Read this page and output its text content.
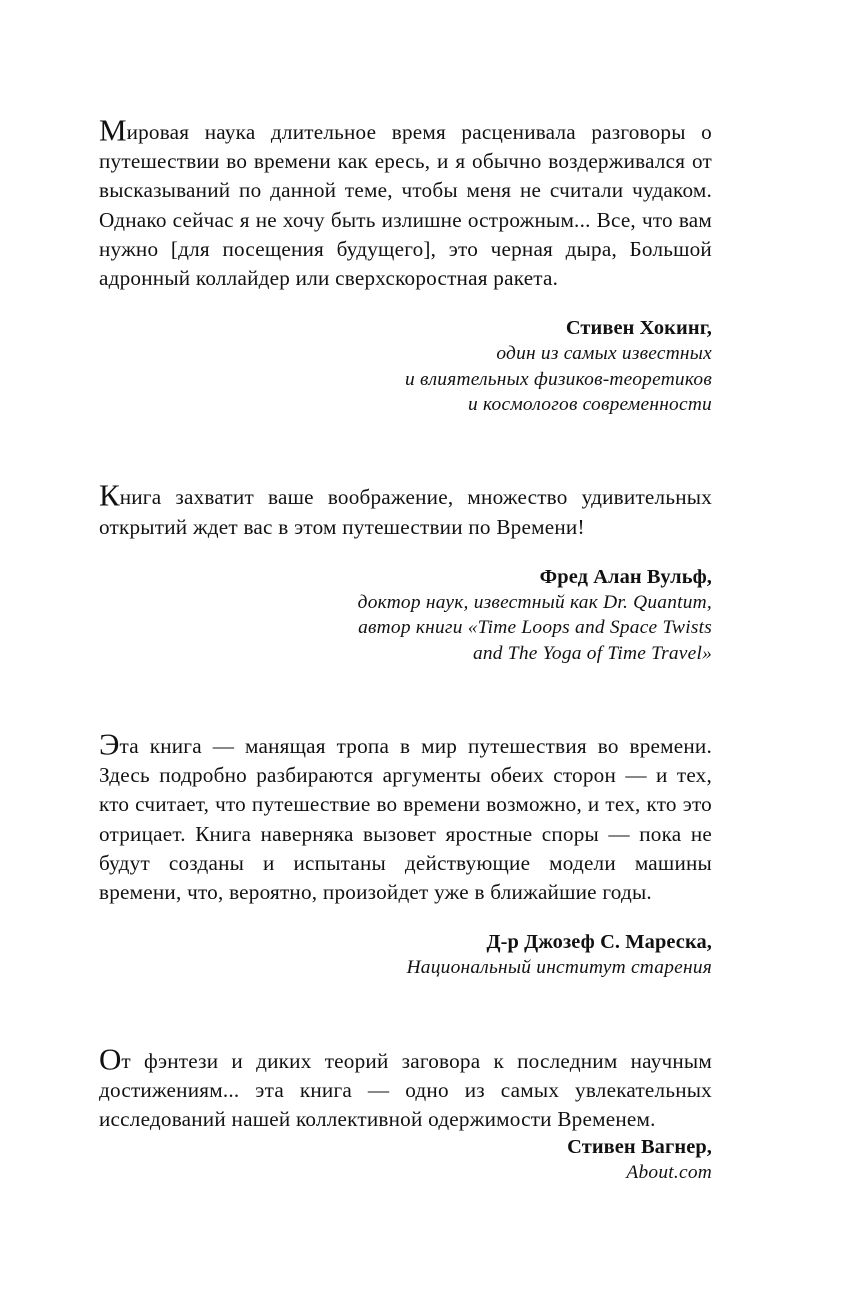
Мировая наука длительное время расценивала разговоры о путешествии во времени как ересь, и я обычно воздерживался от высказываний по данной теме, чтобы меня не считали чудаком. Однако сейчас я не хочу быть излишне острожным... Все, что вам нужно [для посещения будущего], это черная дыра, Большой адронный коллайдер или сверхскоростная ракета.

Стивен Хокинг,
один из самых известных
и влиятельных физиков-теоретиков
и космологов современности

Книга захватит ваше воображение, множество удивительных открытий ждет вас в этом путешествии по Времени!

Фред Алан Вульф,
доктор наук, известный как Dr. Quantum,
автор книги «Time Loops and Space Twists
and The Yoga of Time Travel»

Эта книга — манящая тропа в мир путешествия во времени. Здесь подробно разбираются аргументы обеих сторон — и тех, кто считает, что путешествие во времени возможно, и тех, кто это отрицает. Книга наверняка вызовет яростные споры — пока не будут созданы и испытаны действующие модели машины времени, что, вероятно, произойдет уже в ближайшие годы.

Д-р Джозеф С. Мареска,
Национальный институт старения

От фэнтези и диких теорий заговора к последним научным достижениям... эта книга — одно из самых увлекательных исследований нашей коллективной одержимости Временем.

Стивен Вагнер,
About.com
